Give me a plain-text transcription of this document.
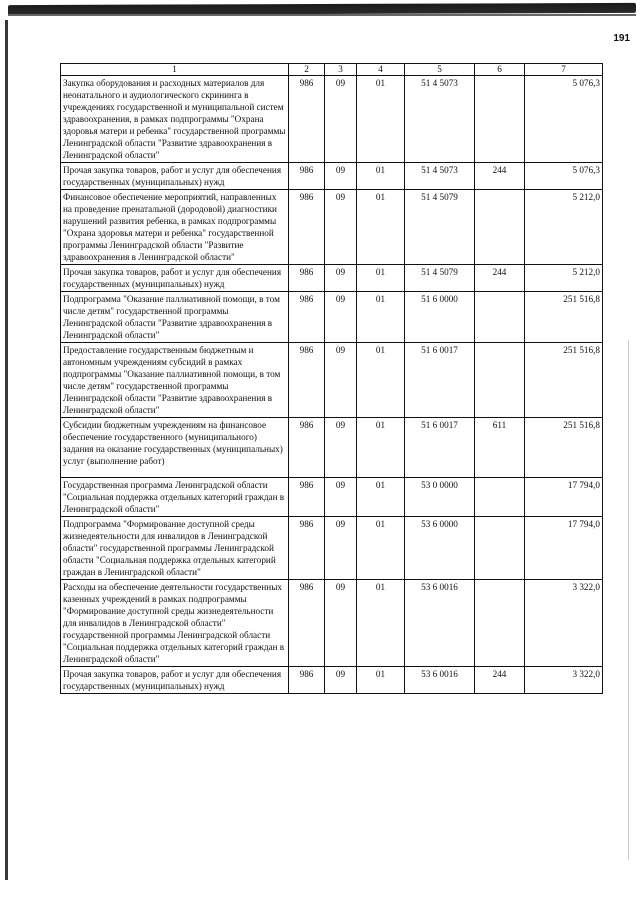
191
1	2	3	4	5	6	7
Закупка оборудования и расходных материалов для неонатального и аудиологического скрининга в учреждениях государственной и муниципальной систем здравоохранения, в рамках подпрограммы "Охрана здоровья матери и ребенка" государственной программы Ленинградской области "Развитие здравоохранения в Ленинградской области"	986	09	01	51 4 5073		5 076,3
Прочая закупка товаров, работ и услуг для обеспечения государственных (муниципальных) нужд	986	09	01	51 4 5073	244	5 076,3
Финансовое обеспечение мероприятий, направленных на проведение пренатальной (дородовой) диагностики нарушений развития ребенка, в рамках подпрограммы "Охрана здоровья матери и ребенка" государственной программы Ленинградской области "Развитие здравоохранения в Ленинградской области"	986	09	01	51 4 5079		5 212,0
Прочая закупка товаров, работ и услуг для обеспечения государственных (муниципальных) нужд	986	09	01	51 4 5079	244	5 212,0
Подпрограмма "Оказание паллиативной помощи, в том числе детям" государственной программы Ленинградской области "Развитие здравоохранения в Ленинградской области"	986	09	01	51 6 0000		251 516,8
Предоставление государственным бюджетным и автономным учреждениям субсидий в рамках подпрограммы "Оказание паллиативной помощи, в том числе детям" государственной программы Ленинградской области "Развитие здравоохранения в Ленинградской области"	986	09	01	51 6 0017		251 516,8
Субсидии бюджетным учреждениям на финансовое обеспечение государственного (муниципального) задания на оказание государственных (муниципальных) услуг (выполнение работ)	986	09	01	51 6 0017	611	251 516,8
Государственная программа Ленинградской области "Социальная поддержка отдельных категорий граждан в Ленинградской области"	986	09	01	53 0 0000		17 794,0
Подпрограмма "Формирование доступной среды жизнедеятельности для инвалидов в Ленинградской области" государственной программы Ленинградской области "Социальная поддержка отдельных категорий граждан в Ленинградской области"	986	09	01	53 6 0000		17 794,0
Расходы на обеспечение деятельности государственных казенных учреждений в рамках подпрограммы "Формирование доступной среды жизнедеятельности для инвалидов в Ленинградской области" государственной программы Ленинградской области "Социальная поддержка отдельных категорий граждан в Ленинградской области"	986	09	01	53 6 0016		3 322,0
Прочая закупка товаров, работ и услуг для обеспечения государственных (муниципальных) нужд	986	09	01	53 6 0016	244	3 322,0
